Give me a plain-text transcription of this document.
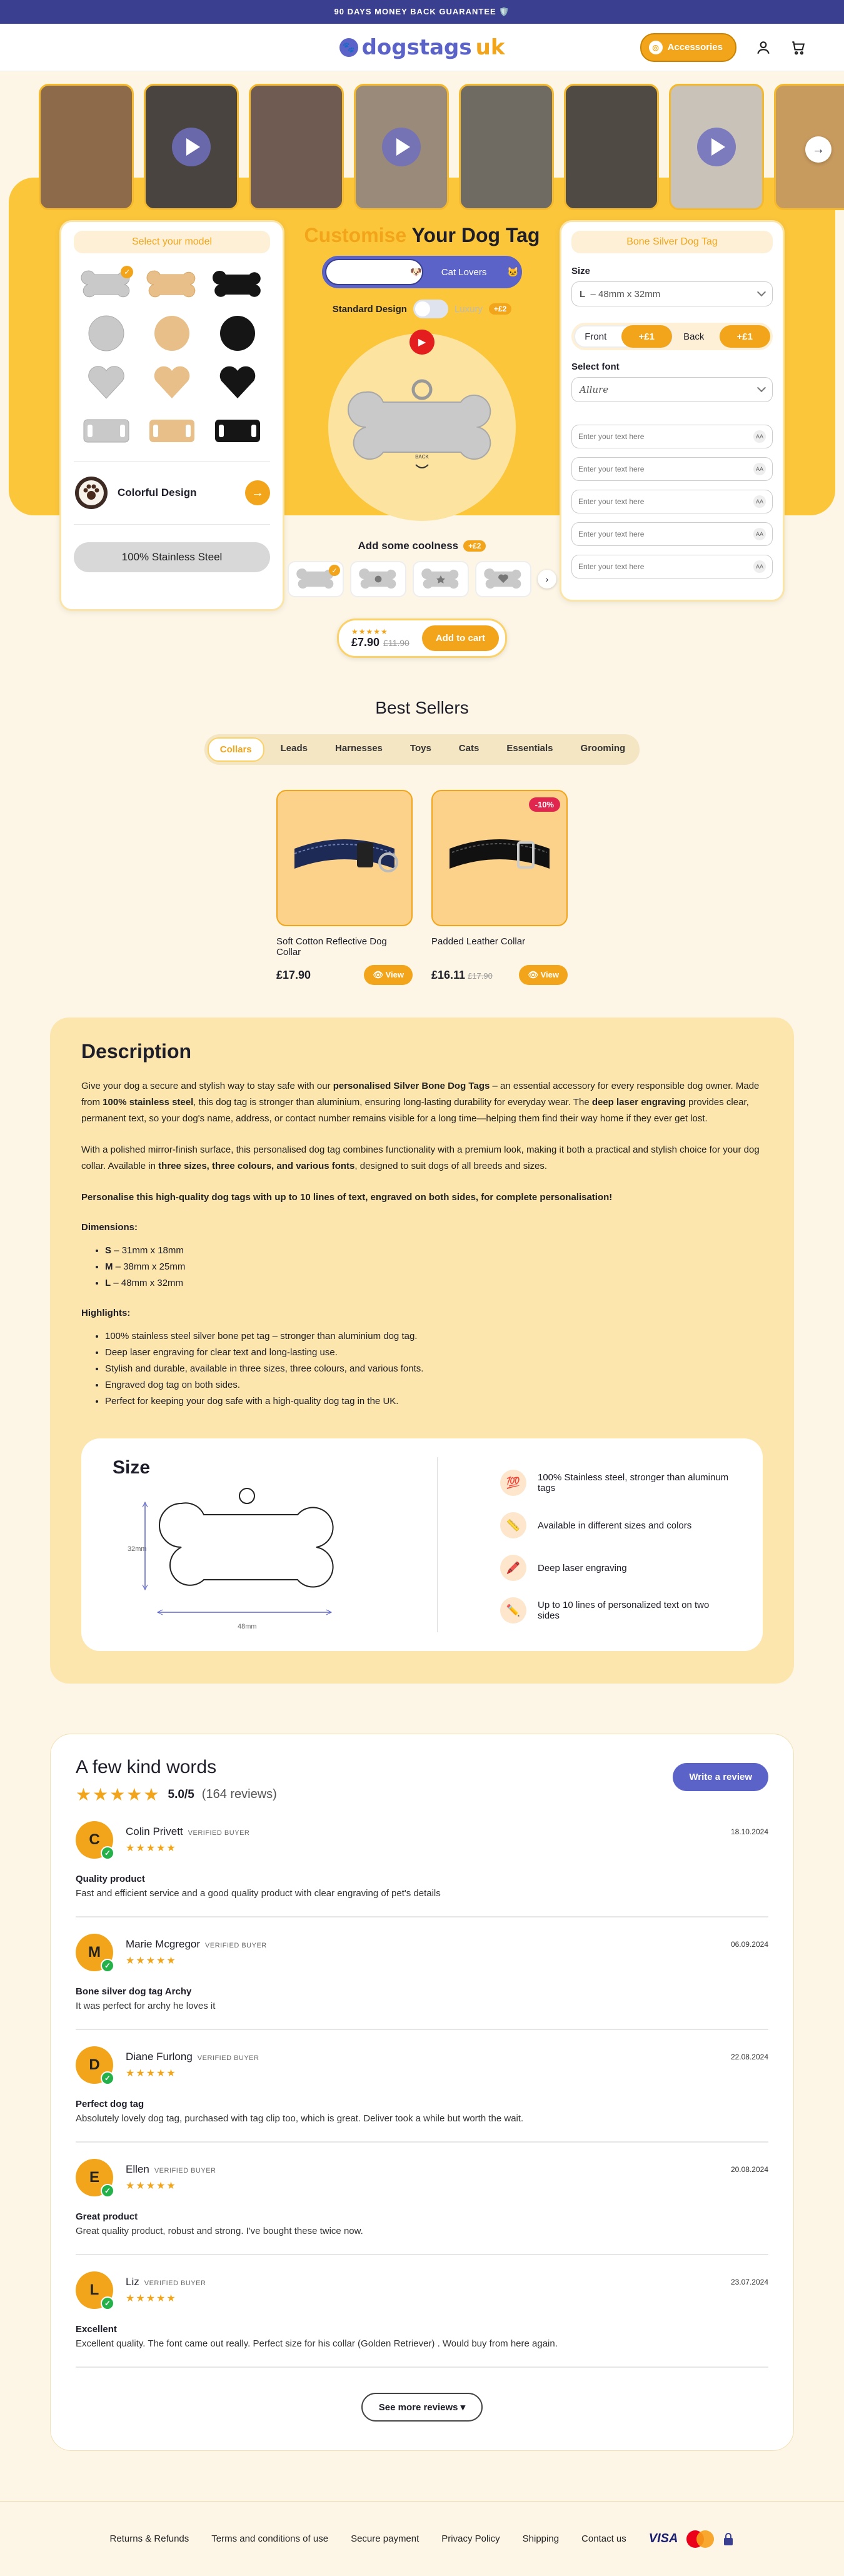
90 DAYS MONEY BACK GUARANTEE 🛡️
🐾 dogstags uk	◎ Accessories
→
Select your model
✓
Colorful Design	→
100% Stainless Steel
Customise Your Dog Tag
Dog Lovers	🐶	Cat Lovers	🐱
Standard Design	Luxury	+£2
▶
BACK
Add some coolness	+£2
✓
›
★★★★★
£7.90 £11.90	Add to cart
Bone Silver Dog Tag
Size
L – 48mm x 32mm
Front	+£1	Back	+£1
Select font
Allure
Enter your text here
AA
Enter your text here
AA
Enter your text here
AA
Enter your text here
AA
Enter your text here
AA
Best Sellers
Collars	Leads	Harnesses	Toys	Cats	Essentials	Grooming
Soft Cotton Reflective Dog Collar
£17.90	👁 View
-10%
Padded Leather Collar
£16.11 £17.90	👁 View
Description

Give your dog a secure and stylish way to stay safe with our personalised Silver Bone Dog Tags – an essential accessory for every responsible dog owner. Made from 100% stainless steel, this dog tag is stronger than aluminium, ensuring long-lasting durability for everyday wear. The deep laser engraving provides clear, permanent text, so your dog's name, address, or contact number remains visible for a long time—helping them find their way home if they ever get lost.

With a polished mirror-finish surface, this personalised dog tag combines functionality with a premium look, making it both a practical and stylish choice for your dog collar. Available in three sizes, three colours, and various fonts, designed to suit dogs of all breeds and sizes.

Personalise this high-quality dog tags with up to 10 lines of text, engraved on both sides, for complete personalisation!

Dimensions:
• S – 31mm x 18mm
• M – 38mm x 25mm
• L – 48mm x 32mm
Highlights:
• 100% stainless steel silver bone pet tag – stronger than aluminium dog tag.
• Deep laser engraving for clear text and long-lasting use.
• Stylish and durable, available in three sizes, three colours, and various fonts.
• Engraved dog tag on both sides.
• Perfect for keeping your dog safe with a high-quality dog tag in the UK.
Size
32mm
48mm
💯	100% Stainless steel, stronger than aluminum tags
📏	Available in different sizes and colors
🖍️	Deep laser engraving
✏️	Up to 10 lines of personalized text on two sides
A few kind words
★★★★★ 5.0/5 (164 reviews)
Write a review
C
✓
Colin Privett VERIFIED BUYER
★★★★★
18.10.2024
Quality product
Fast and efficient service and a good quality product with clear engraving of pet's details
M
✓
Marie Mcgregor VERIFIED BUYER
★★★★★
06.09.2024
Bone silver dog tag Archy
It was perfect for archy he loves it
D
✓
Diane Furlong VERIFIED BUYER
★★★★★
22.08.2024
Perfect dog tag
Absolutely lovely dog tag, purchased with tag clip too, which is great. Deliver took a while but worth the wait.
E
✓
Ellen VERIFIED BUYER
★★★★★
20.08.2024
Great product
Great quality product, robust and strong. I've bought these twice now.
L
✓
Liz VERIFIED BUYER
★★★★★
23.07.2024
Excellent
Excellent quality. The font came out really. Perfect size for his collar (Golden Retriever) . Would buy from here again.
See more reviews ▾
Returns & Refunds Terms and conditions of use Secure payment Privacy Policy Shipping Contact us VISA
